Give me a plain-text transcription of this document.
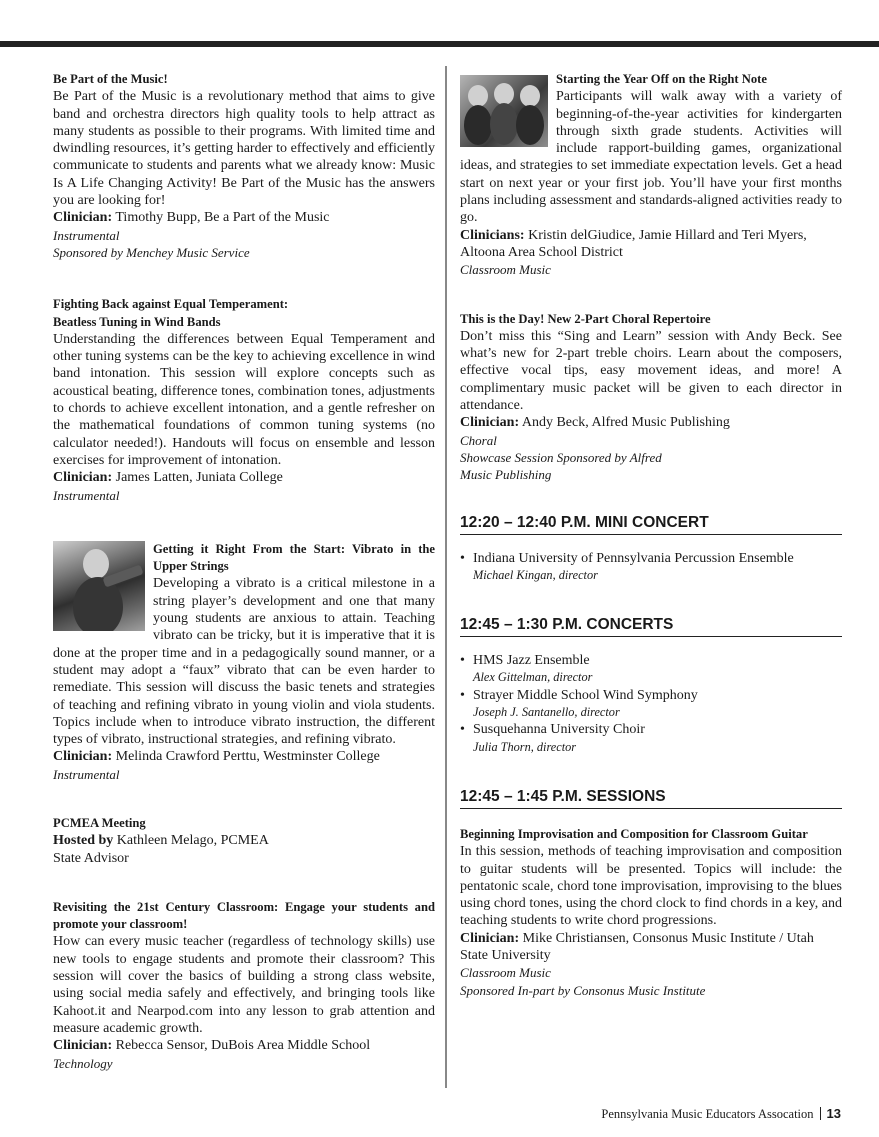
Be Part of the Music!

Be Part of the Music is a revolutionary method that aims to give band and orchestra directors high quality tools to help attract as many students as possible to their programs. With limited time and dwindling resources, it’s getting harder to effectively and efficiently communicate to students and parents what we already know: Music Is A Life Changing Activity! Be Part of the Music has the answers you are looking for!

Clinician: Timothy Bupp, Be a Part of the Music

Instrumental

Sponsored by Menchey Music Service

Fighting Back against Equal Temperament:
Beatless Tuning in Wind Bands

Understanding the differences between Equal Temperament and other tuning systems can be the key to achieving excellence in wind band intonation. This session will explore concepts such as acoustical beating, difference tones, combination tones, adjustments to chords to achieve excellent intonation, and a gentle refresher on the mathematical foundations of common tuning systems (no calculator needed!). Handouts will focus on ensemble and lesson exercises for improvement of intonation.

Clinician: James Latten, Juniata College

Instrumental

Getting it Right From the Start: Vibrato in the Upper Strings

Developing a vibrato is a critical milestone in a string player’s development and one that many young students are anxious to attain. Teaching vibrato can be tricky, but it is imperative that it is done at the proper time and in a pedagogically sound manner, or a student may adopt a “faux” vibrato that can be even harder to remediate. This session will discuss the basic tenets and strategies of teaching and refining vibrato in young violin and viola students. Topics include when to introduce vibrato instruction, the different types of vibrato, instructional strategies, and refining vibrato.

Clinician: Melinda Crawford Perttu, Westminster College

Instrumental

PCMEA Meeting

Hosted by Kathleen Melago, PCMEA

State Advisor

Revisiting the 21st Century Classroom: Engage your students and promote your classroom!

How can every music teacher (regardless of technology skills) use new tools to engage students and promote their classroom? This session will cover the basics of building a strong class website, using social media safely and effectively, and bringing tools like Kahoot.it and Nearpod.com into any lesson to grab attention and measure academic growth.

Clinician: Rebecca Sensor, DuBois Area Middle School

Technology

Starting the Year Off on the Right Note

Participants will walk away with a variety of beginning-of-the-year activities for kindergarten through sixth grade students. Activities will include rapport-building games, organizational ideas, and strategies to set immediate expectation levels. Get a head start on next year or your first job. You’ll have your first months plans including assessment and standards-aligned activities ready to go.

Clinicians: Kristin delGiudice, Jamie Hillard and Teri Myers, Altoona Area School District

Classroom Music

This is the Day! New 2-Part Choral Repertoire

Don’t miss this “Sing and Learn” session with Andy Beck. See what’s new for 2-part treble choirs. Learn about the composers, effective vocal tips, easy movement ideas, and more! A complimentary music packet will be given to each director in attendance.

Clinician: Andy Beck, Alfred Music Publishing

Choral

Showcase Session Sponsored by Alfred

Music Publishing

12:20 – 12:40 P.M. MINI CONCERT

• Indiana University of Pennsylvania Percussion Ensemble
Michael Kingan, director

12:45 – 1:30 P.M. CONCERTS

• HMS Jazz Ensemble
Alex Gittelman, director
• Strayer Middle School Wind Symphony
Joseph J. Santanello, director
• Susquehanna University Choir
Julia Thorn, director

12:45 – 1:45 P.M. SESSIONS

Beginning Improvisation and Composition for Classroom Guitar

In this session, methods of teaching improvisation and composition to guitar students will be presented. Topics will include: the pentatonic scale, chord tone improvisation, improvising to the blues using chord tones, using the chord clock to find chords in a key, and teaching students to write chord progressions.

Clinician: Mike Christiansen, Consonus Music Institute / Utah State University

Classroom Music

Sponsored In-part by Consonus Music Institute

Pennsylvania Music Educators Assocation 13
